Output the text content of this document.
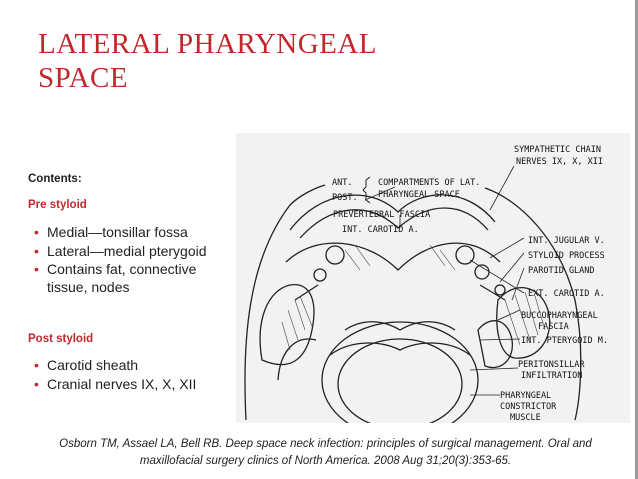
LATERAL PHARYNGEAL
SPACE
Contents:
Pre styloid
• Medial—tonsillar fossa
• Lateral—medial pterygoid
• Contains fat, connective tissue, nodes
Post styloid
• Carotid sheath
• Cranial nerves IX, X, XII
SYMPATHETIC CHAIN
NERVES IX, X, XII
ANT.
POST.
COMPARTMENTS OF LAT.
PHARYNGEAL SPACE
PREVERTEBRAL FASCIA
INT. CAROTID A.
INT. JUGULAR V.
STYLOID PROCESS
PAROTID GLAND
EXT. CAROTID A.
BUCCOPHARYNGEAL
FASCIA
INT. PTERYGOID M.
PERITONSILLAR
INFILTRATION
PHARYNGEAL
CONSTRICTOR
MUSCLE
Osborn TM, Assael LA, Bell RB. Deep space neck infection: principles of surgical management. Oral and maxillofacial surgery clinics of North America. 2008 Aug 31;20(3):353-65.
